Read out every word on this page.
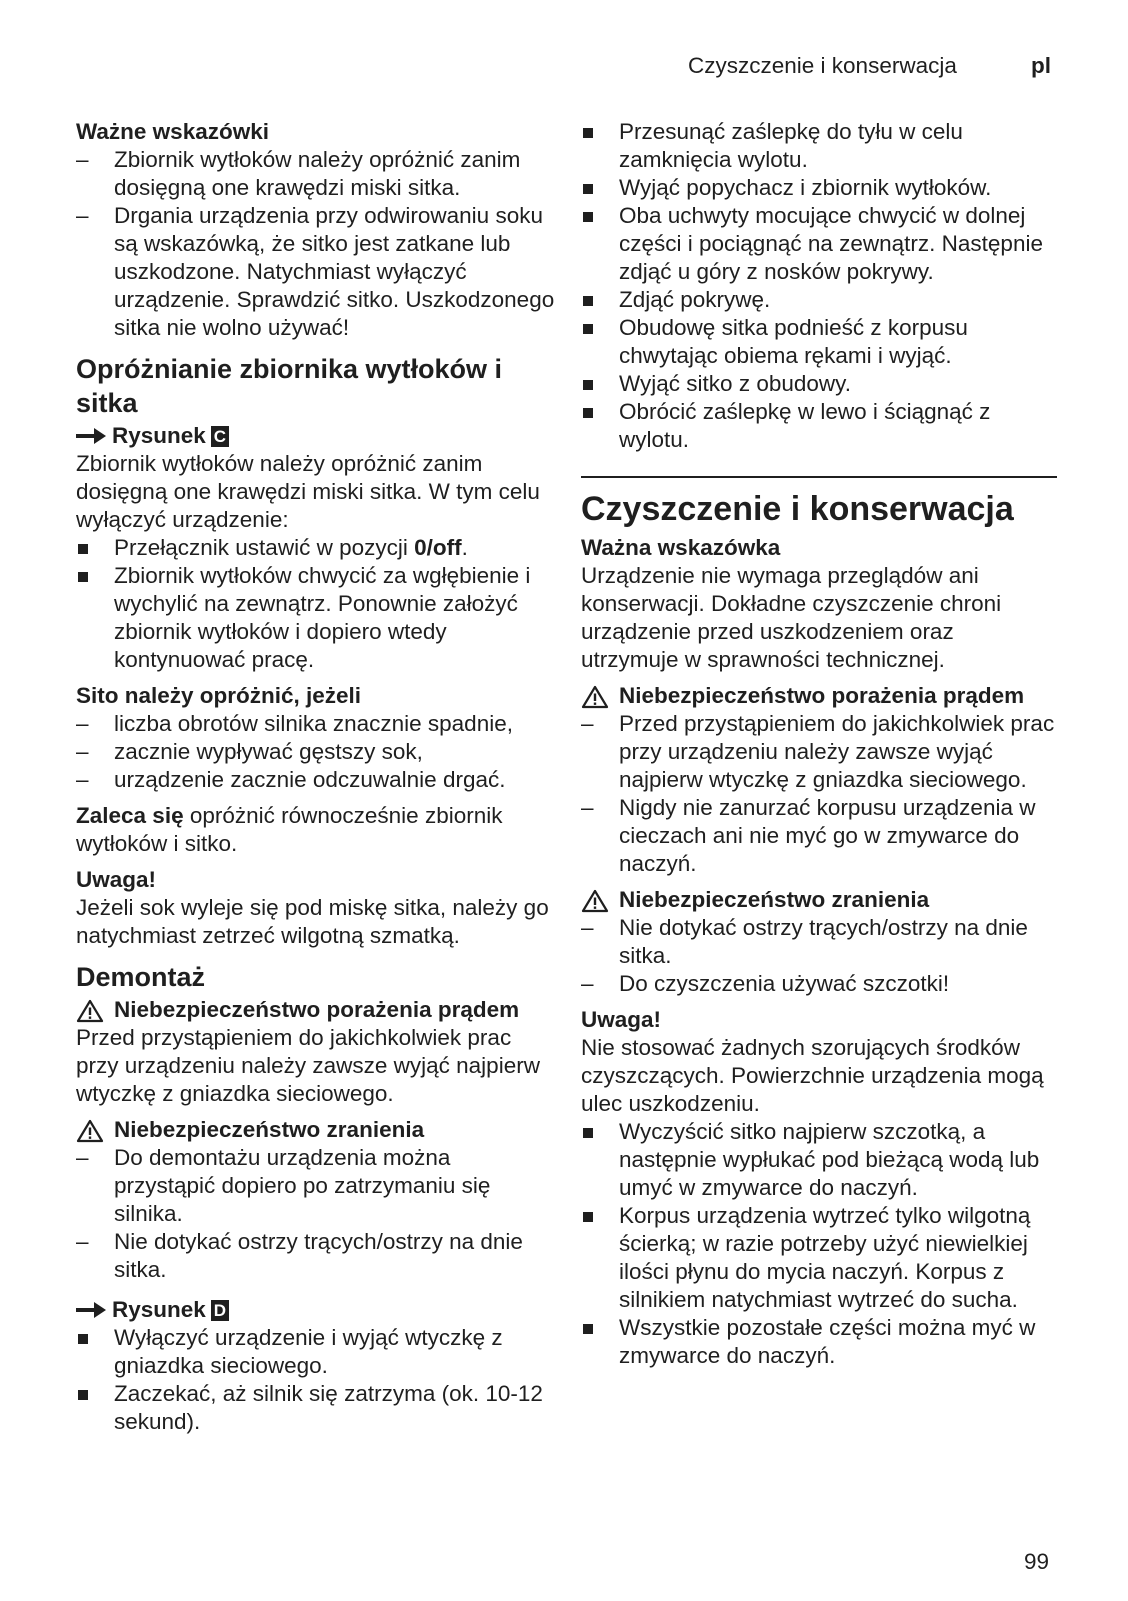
Czyszczenie i konserwacja	pl

Ważne wskazówki

–
Zbiornik wytłoków należy opróżnić zanim dosięgną one krawędzi miski sitka.
–
Drgania urządzenia przy odwirowaniu soku są wskazówką, że sitko jest zatkane lub uszkodzone. Natychmiast wyłączyć urządzenie. Sprawdzić sitko. Uszkodzonego sitka nie wolno używać!
Opróżnianie zbiornika wytłoków i sitka
Rysunek C

Zbiornik wytłoków należy opróżnić zanim dosięgną one krawędzi miski sitka. W tym celu wyłączyć urządzenie:

Przełącznik ustawić w pozycji 0/off.
Zbiornik wytłoków chwycić za wgłębienie i wychylić na zewnątrz. Ponownie założyć zbiornik wytłoków i dopiero wtedy kontynuować pracę.

Sito należy opróżnić, jeżeli

–
liczba obrotów silnika znacznie spadnie,
–
zacznie wypływać gęstszy sok,
–
urządzenie zacznie odczuwalnie drgać.

Zaleca się opróżnić równocześnie zbiornik wytłoków i sitko.

Uwaga!

Jeżeli sok wyleje się pod miskę sitka, należy go natychmiast zetrzeć wilgotną szmatką.

Demontaż
Niebezpieczeństwo porażenia prądem

Przed przystąpieniem do jakichkolwiek prac przy urządzeniu należy zawsze wyjąć najpierw wtyczkę z gniazdka sieciowego.

Niebezpieczeństwo zranienia
–
Do demontażu urządzenia można przystąpić dopiero po zatrzymaniu się silnika.
–
Nie dotykać ostrzy trących/ostrzy na dnie sitka.
Rysunek D
Wyłączyć urządzenie i wyjąć wtyczkę z gniazdka sieciowego.
Zaczekać, aż silnik się zatrzyma (ok. 10-12 sekund).
Przesunąć zaślepkę do tyłu w celu zamknięcia wylotu.
Wyjąć popychacz i zbiornik wytłoków.
Oba uchwyty mocujące chwycić w dolnej części i pociągnąć na zewnątrz. Następnie zdjąć u góry z nosków pokrywy.
Zdjąć pokrywę.
Obudowę sitka podnieść z korpusu chwytając obiema rękami i wyjąć.
Wyjąć sitko z obudowy.
Obrócić zaślepkę w lewo i ściągnąć z wylotu.
Czyszczenie i konserwacja

Ważna wskazówka

Urządzenie nie wymaga przeglądów ani konserwacji. Dokładne czyszczenie chroni urządzenie przed uszkodzeniem oraz utrzymuje w sprawności technicznej.

Niebezpieczeństwo porażenia prądem
–
Przed przystąpieniem do jakichkolwiek prac przy urządzeniu należy zawsze wyjąć najpierw wtyczkę z gniazdka sieciowego.
–
Nigdy nie zanurzać korpusu urządzenia w cieczach ani nie myć go w zmywarce do naczyń.
Niebezpieczeństwo zranienia
–
Nie dotykać ostrzy trących/ostrzy na dnie sitka.
–
Do czyszczenia używać szczotki!

Uwaga!

Nie stosować żadnych szorujących środków czyszczących. Powierzchnie urządzenia mogą ulec uszkodzeniu.

Wyczyścić sitko najpierw szczotką, a następnie wypłukać pod bieżącą wodą lub umyć w zmywarce do naczyń.
Korpus urządzenia wytrzeć tylko wilgotną ścierką; w razie potrzeby użyć niewielkiej ilości płynu do mycia naczyń. Korpus z silnikiem natychmiast wytrzeć do sucha.
Wszystkie pozostałe części można myć w zmywarce do naczyń.
99
